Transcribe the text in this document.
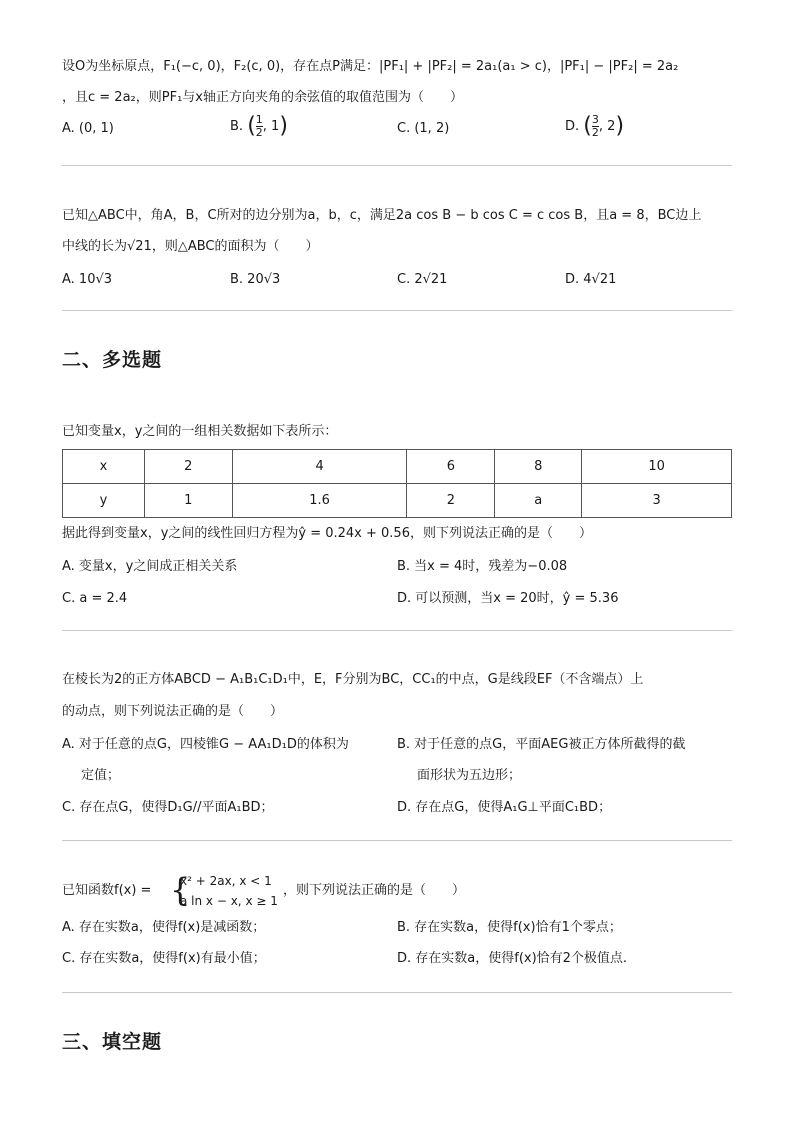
设O为坐标原点，F₁(−c, 0)，F₂(c, 0)，存在点P满足：|PF₁| + |PF₂| = 2a₁(a₁ > c)，|PF₁| − |PF₂| = 2a₂
，且c = 2a₂，则PF₁与x轴正方向夹角的余弦值的取值范围为（　　）
A. (0, 1)	B. ( $\frac{1}{2}$ , 1)	C. (1, 2)	D. ( $\frac{3}{2}$ , 2)
已知△ABC中，角A，B，C所对的边分别为a，b，c，满足2a cos B − b cos C = c cos B，且a = 8，BC边上
中线的长为√21，则△ABC的面积为（　　）
A. 10√3	B. 20√3	C. 2√21	D. 4√21
二、多选题
已知变量x，y之间的一组相关数据如下表所示：
x	2	4	6	8	10
y	1	1.6	2	a	3
据此得到变量x，y之间的线性回归方程为ŷ = 0.24x + 0.56，则下列说法正确的是（　　）
A. 变量x，y之间成正相关关系	B. 当x = 4时，残差为−0.08
C. a = 2.4	D. 可以预测，当x = 20时，ŷ = 5.36
在棱长为2的正方体ABCD − A₁B₁C₁D₁中，E，F分别为BC，CC₁的中点，G是线段EF（不含端点）上
的动点，则下列说法正确的是（　　）
A. 对于任意的点G，四棱锥G − AA₁D₁D的体积为
定值；
B. 对于任意的点G，平面AEG被正方体所截得的截
面形状为五边形；
C. 存在点G，使得D₁G//平面A₁BD；	D. 存在点G，使得A₁G⊥平面C₁BD；
已知函数f(x) = {
x² + 2ax, x < 1
a ln x − x, x ≥ 1
，则下列说法正确的是（　　）
A. 存在实数a，使得f(x)是减函数；	B. 存在实数a，使得f(x)恰有1个零点；
C. 存在实数a，使得f(x)有最小值；	D. 存在实数a，使得f(x)恰有2个极值点.
三、填空题
